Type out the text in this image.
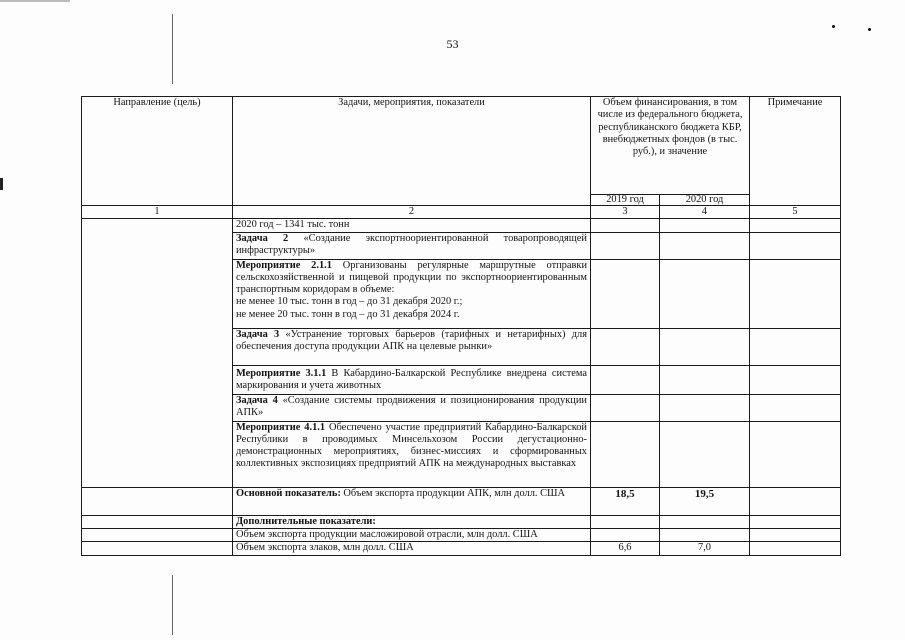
53
Направление (цель)	Задачи, мероприятия, показатели	Объем финансирования, в том числе из федерального бюджета, республиканского бюджета КБР, внебюджетных фондов (в тыс. руб.), и значение		Примечание
		2019 год	2020 год	
1	2	3	4	5
	2020 год – 1341 тыс. тонн			
	Задача 2 «Создание экспортноориентированной товаропроводящей инфраструктуры»			

	Мероприятие 2.1.1 Организованы регулярные маршрутные отправки сельскохозяйственной и пищевой продукции по экспортноориентированным транспортным коридорам в объеме:
не менее 10 тыс. тонн в год – до 31 декабря 2020 г.;
не менее 20 тыс. тонн в год – до 31 декабря 2024 г.			

	Задача 3 «Устранение торговых барьеров (тарифных и нетарифных) для обеспечения доступа продукции АПК на целевые рынки»			
	Мероприятие 3.1.1 В Кабардино-Балкарской Республике внедрена система маркирования и учета животных			
	Задача 4 «Создание системы продвижения и позиционирования продукции АПК»			
	Мероприятие 4.1.1 Обеспечено участие предприятий Кабардино-Балкарской Республики в проводимых Минсельхозом России дегустационно-демонстрационных мероприятиях, бизнес-миссиях и сформированных коллективных экспозициях предприятий АПК на международных выставках			
	Основной показатель: Объем экспорта продукции АПК, млн долл. США	18,5	19,5	
	Дополнительные показатели:			
	Объем экспорта продукции масложировой отрасли, млн долл. США			
	Объем экспорта злаков, млн долл. США	6,6	7,0	
